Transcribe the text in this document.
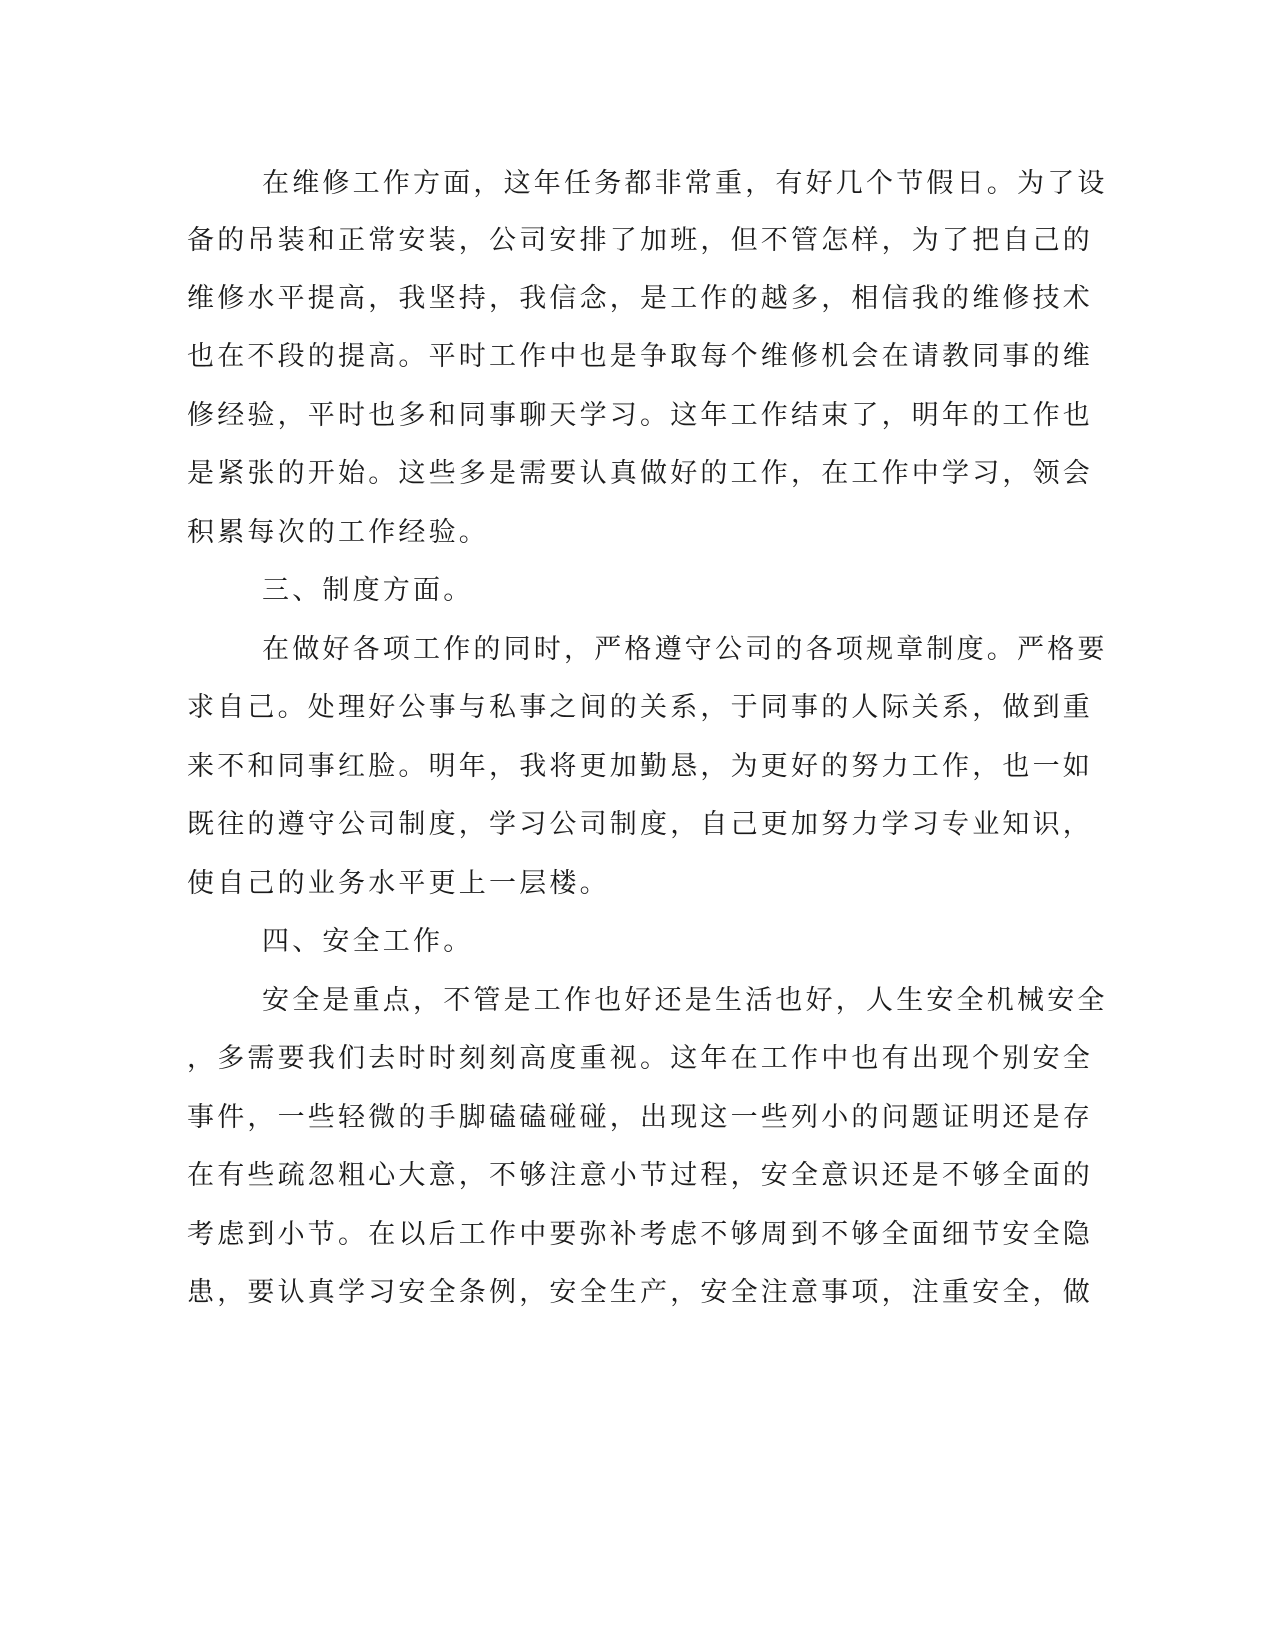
在维修工作方面，这年任务都非常重，有好几个节假日。为了设
备的吊装和正常安装，公司安排了加班，但不管怎样，为了把自己的
维修水平提高，我坚持，我信念，是工作的越多，相信我的维修技术
也在不段的提高。平时工作中也是争取每个维修机会在请教同事的维
修经验，平时也多和同事聊天学习。这年工作结束了，明年的工作也
是紧张的开始。这些多是需要认真做好的工作，在工作中学习，领会
积累每次的工作经验。
三、制度方面。
在做好各项工作的同时，严格遵守公司的各项规章制度。严格要
求自己。处理好公事与私事之间的关系，于同事的人际关系，做到重
来不和同事红脸。明年，我将更加勤恳，为更好的努力工作，也一如
既往的遵守公司制度，学习公司制度，自己更加努力学习专业知识，
使自己的业务水平更上一层楼。
四、安全工作。
安全是重点，不管是工作也好还是生活也好，人生安全机械安全
，多需要我们去时时刻刻高度重视。这年在工作中也有出现个别安全
事件，一些轻微的手脚磕磕碰碰，出现这一些列小的问题证明还是存
在有些疏忽粗心大意，不够注意小节过程，安全意识还是不够全面的
考虑到小节。在以后工作中要弥补考虑不够周到不够全面细节安全隐
患，要认真学习安全条例，安全生产，安全注意事项，注重安全，做
